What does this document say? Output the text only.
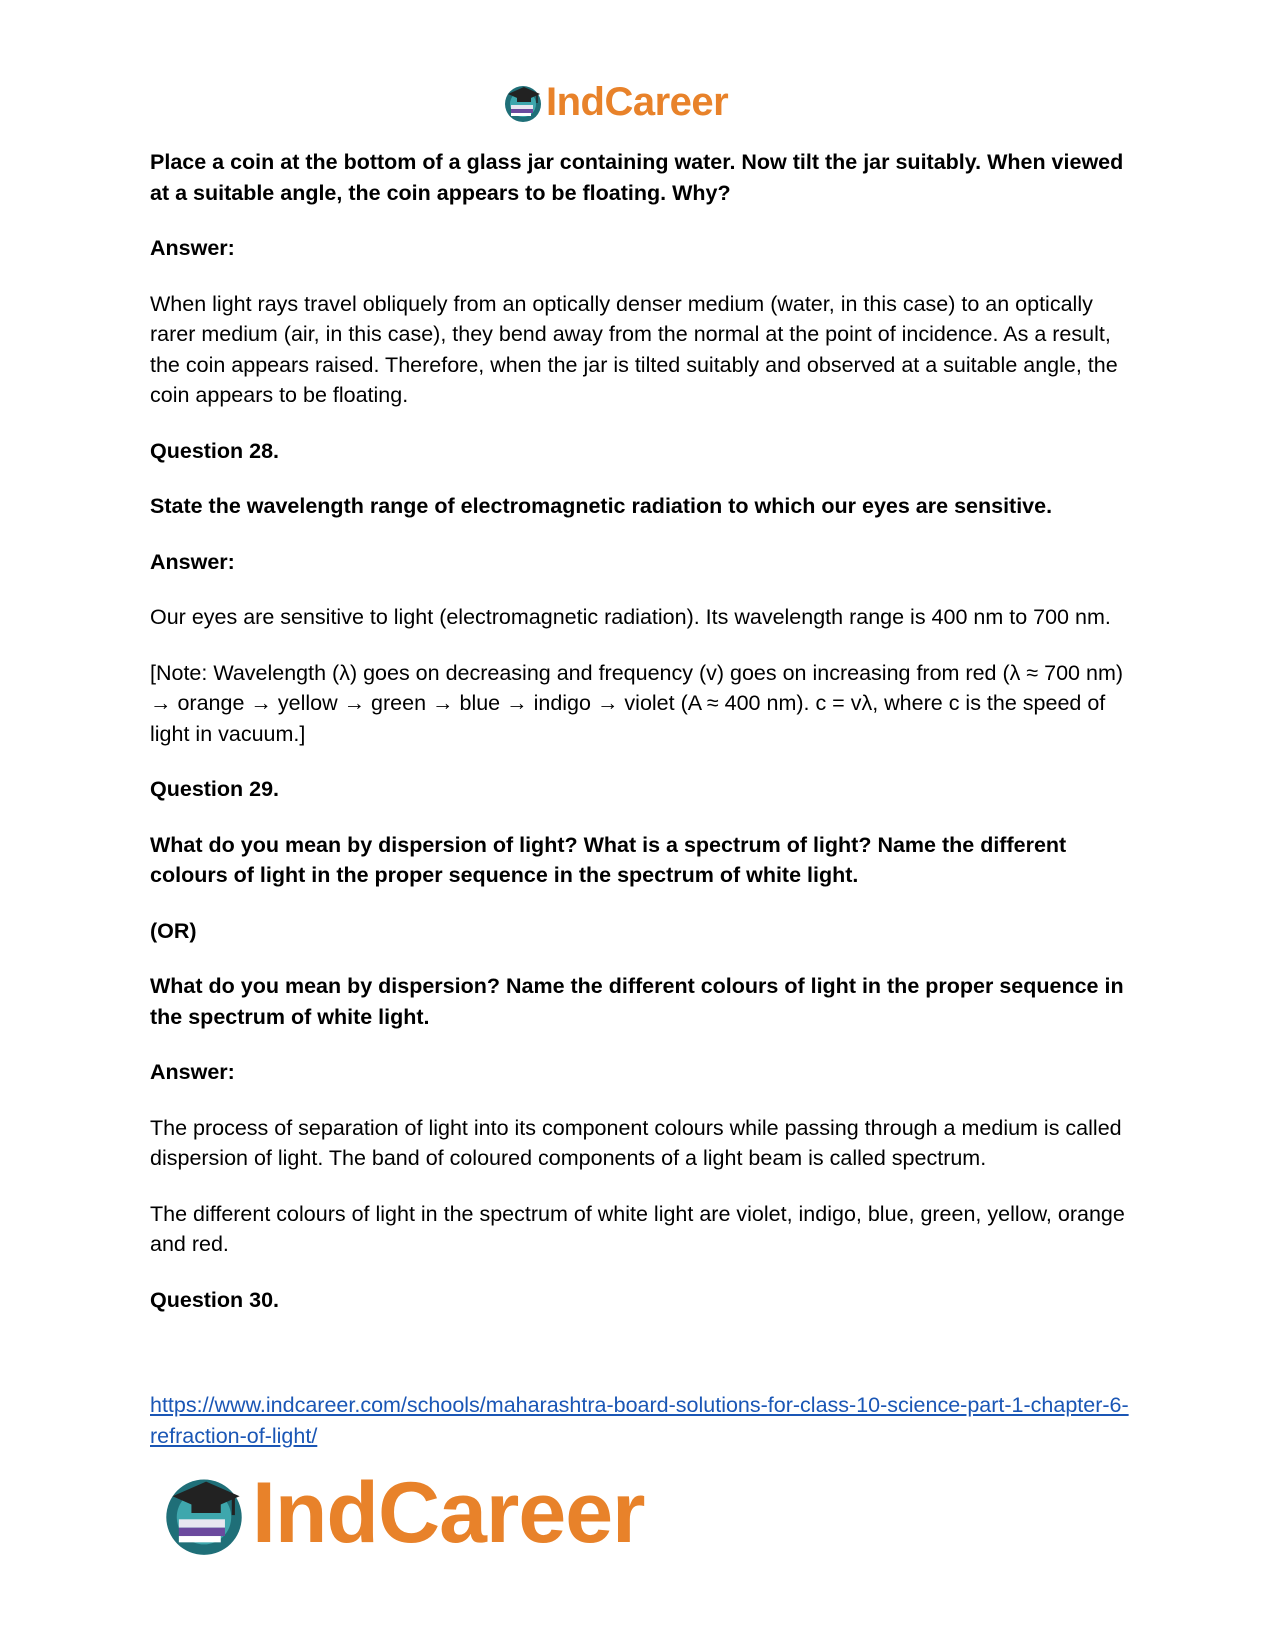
IndCareer

Place a coin at the bottom of a glass jar containing water. Now tilt the jar suitably. When viewed at a suitable angle, the coin appears to be floating. Why?

Answer:

When light rays travel obliquely from an optically denser medium (water, in this case) to an optically rarer medium (air, in this case), they bend away from the normal at the point of incidence. As a result, the coin appears raised. Therefore, when the jar is tilted suitably and observed at a suitable angle, the coin appears to be floating.

Question 28.

State the wavelength range of electromagnetic radiation to which our eyes are sensitive.

Answer:

Our eyes are sensitive to light (electromagnetic radiation). Its wavelength range is 400 nm to 700 nm.

[Note: Wavelength (λ) goes on decreasing and frequency (v) goes on increasing from red (λ ≈ 700 nm) → orange → yellow → green → blue → indigo → violet (A ≈ 400 nm). c = vλ, where c is the speed of light in vacuum.]

Question 29.

What do you mean by dispersion of light? What is a spectrum of light? Name the different colours of light in the proper sequence in the spectrum of white light.

(OR)

What do you mean by dispersion? Name the different colours of light in the proper sequence in the spectrum of white light.

Answer:

The process of separation of light into its component colours while passing through a medium is called dispersion of light. The band of coloured components of a light beam is called spectrum.

The different colours of light in the spectrum of white light are violet, indigo, blue, green, yellow, orange and red.

Question 30.

https://www.indcareer.com/schools/maharashtra-board-solutions-for-class-10-science-part-1-chapter-6-refraction-of-light/
IndCareer
